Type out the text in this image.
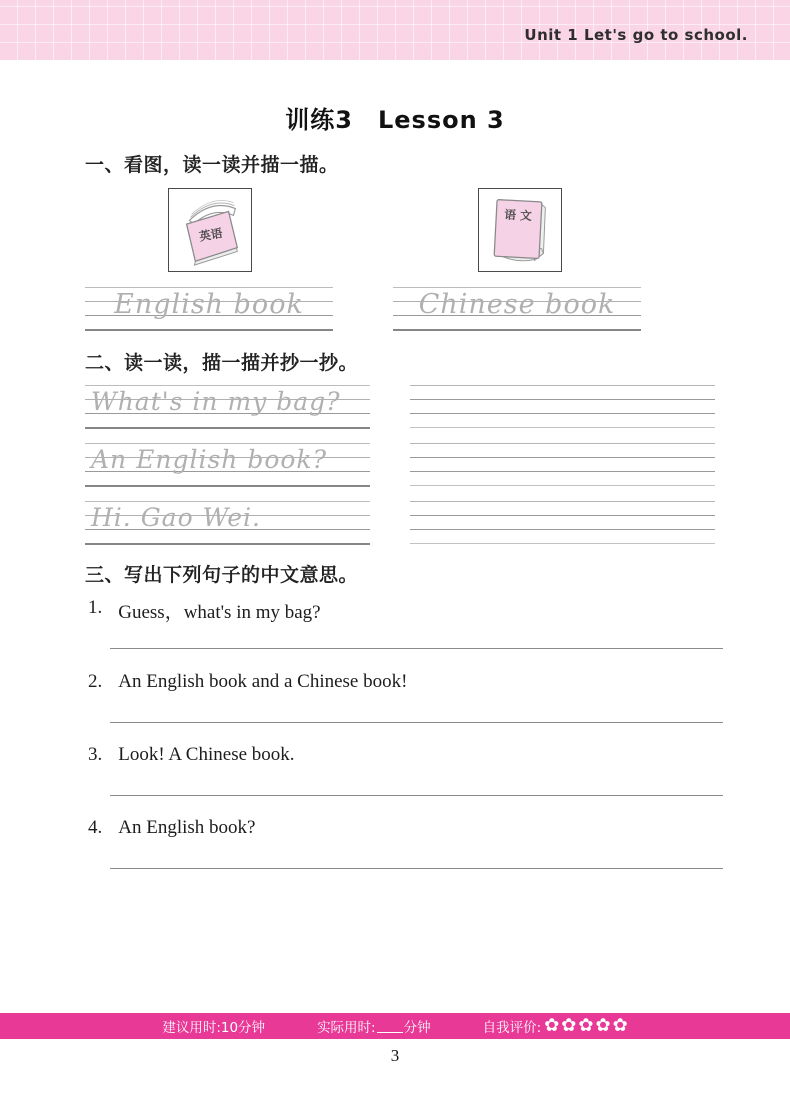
Unit 1 Let's go to school.
训练3　Lesson 3
一、看图，读一读并描一描。
英语
语 文
English book	Chinese book
二、读一读，描一描并抄一抄。
What's in my bag?
An English book?
Hi. Gao Wei.
三、写出下列句子的中文意思。
1. Guess，what's in my bag?
2. An English book and a Chinese book!
3. Look! A Chinese book.
4. An English book?
建议用时:10分钟	实际用时: 分钟	自我评价: ✿ ✿ ✿ ✿ ✿
3
